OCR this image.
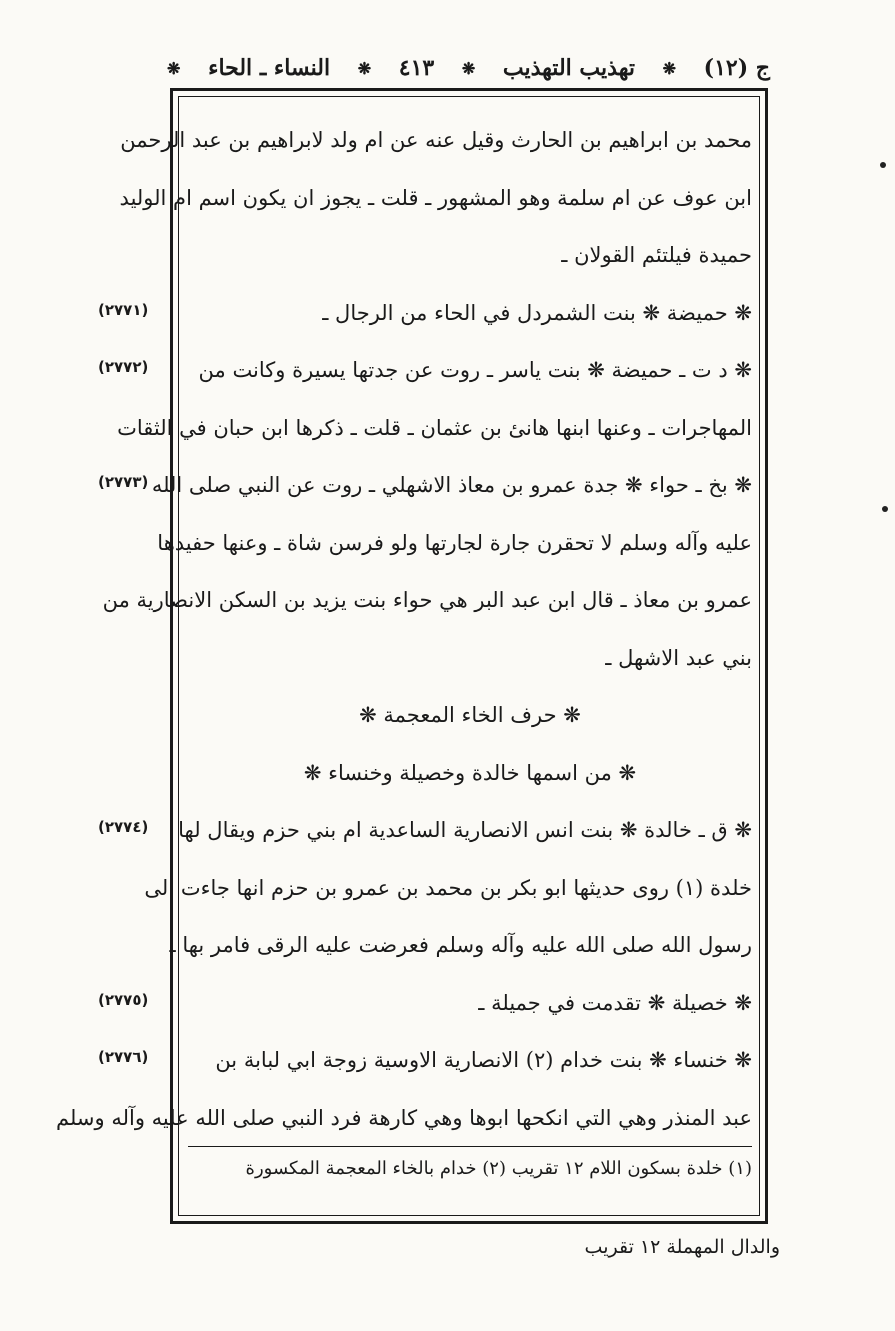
ج (١٢)
❋
تهذيب التهذيب
❋
٤١٣
❋
النساء ـ الحاء
❋
محمد بن ابراهيم بن الحارث وقيل عنه عن ام ولد لابراهيم بن عبد الرحمن
ابن عوف عن ام سلمة وهو المشهور ـ قلت ـ يجوز ان يكون اسم ام الوليد
حميدة فيلتئم القولان ـ
❋ حميضة ❋ بنت الشمردل في الحاء من الرجال ـ
❋ د ت ـ حميضة ❋ بنت ياسر ـ روت عن جدتها يسيرة وكانت من
المهاجرات ـ وعنها ابنها هانئ بن عثمان ـ قلت ـ ذكرها ابن حبان في الثقات
❋ بخ ـ حواء ❋ جدة عمرو بن معاذ الاشهلي ـ روت عن النبي صلى الله
عليه وآله وسلم لا تحقرن جارة لجارتها ولو فرسن شاة ـ وعنها حفيدها
عمرو بن معاذ ـ قال ابن عبد البر هي حواء بنت يزيد بن السكن الانصارية من
بني عبد الاشهل ـ
❋ حرف الخاء المعجمة ❋
❋ من اسمها خالدة وخصيلة وخنساء ❋
❋ ق ـ خالدة ❋ بنت انس الانصارية الساعدية ام بني حزم ويقال لها
خلدة (١) روى حديثها ابو بكر بن محمد بن عمرو بن حزم انها جاءت الى
رسول الله صلى الله عليه وآله وسلم فعرضت عليه الرقى فامر بها ـ
❋ خصيلة ❋ تقدمت في جميلة ـ
❋ خنساء ❋ بنت خدام (٢) الانصارية الاوسية زوجة ابي لبابة بن
عبد المنذر وهي التي انكحها ابوها وهي كارهة فرد النبي صلى الله عليه وآله وسلم
(١) خلدة بسكون اللام ١٢ تقريب (٢) خدام بالخاء المعجمة المكسورة
والدال المهملة ١٢ تقريب
(٢٧٧١)
(٢٧٧٢)
(٢٧٧٣)
(٢٧٧٤)
(٢٧٧٥)
(٢٧٧٦)
